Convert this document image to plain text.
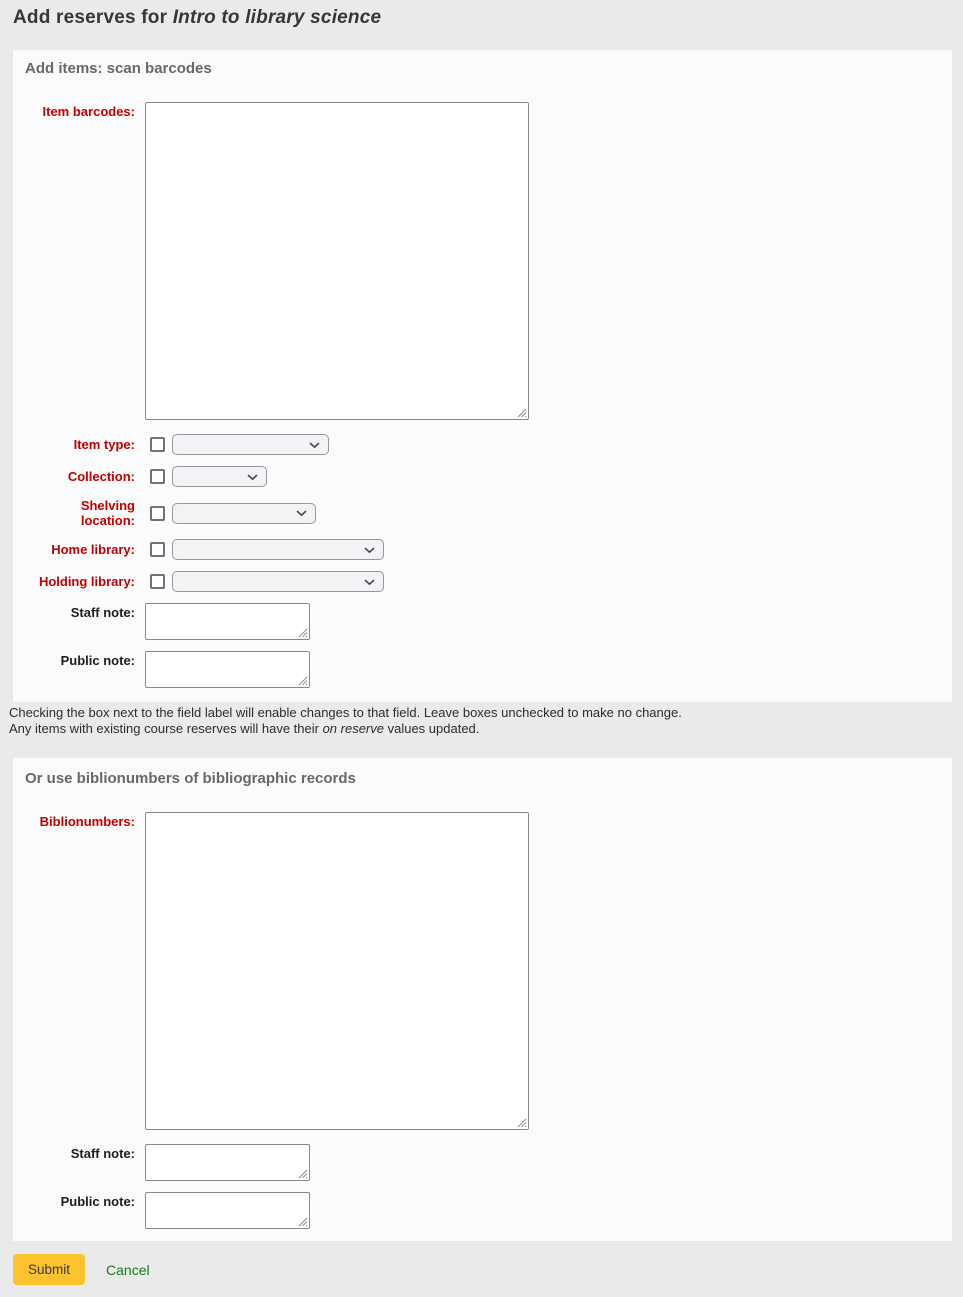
Add reserves for Intro to library science
Add items: scan barcodes
Item barcodes:
Item type:
Collection:
Shelving location:
Home library:
Holding library:
Staff note:
Public note:

Checking the box next to the field label will enable changes to that field. Leave boxes unchecked to make no change.

Any items with existing course reserves will have their on reserve values updated.

Or use biblionumbers of bibliographic records
Biblionumbers:
Staff note:
Public note:
Submit	Cancel
